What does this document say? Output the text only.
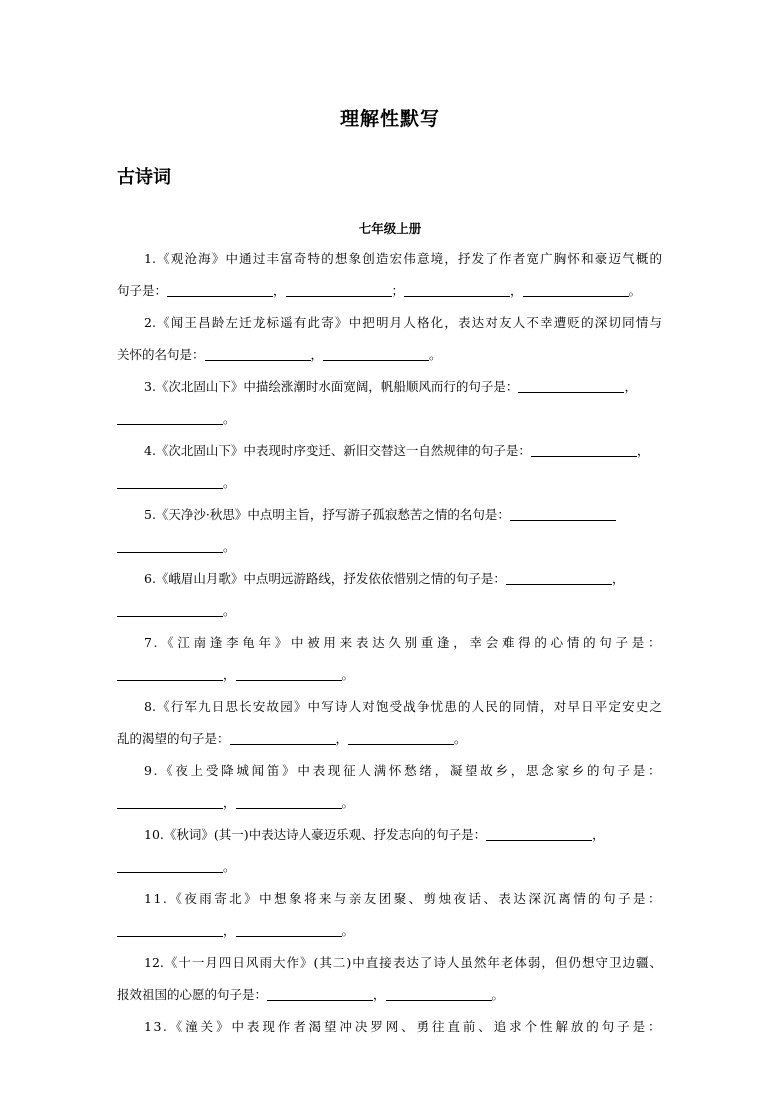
理解性默写
古诗词
七年级上册
1.《观沧海》中通过丰富奇特的想象创造宏伟意境，抒发了作者宽广胸怀和豪迈气概的
句子是：	，	；	，	。
2.《闻王昌龄左迁龙标遥有此寄》中把明月人格化，表达对友人不幸遭贬的深切同情与
关怀的名句是：	，	。
3.《次北固山下》中描绘涨潮时水面宽阔，帆船顺风而行的句子是：	，
。
4.《次北固山下》中表现时序变迁、新旧交替这一自然规律的句子是：	，
。
5.《天净沙·秋思》中点明主旨，抒写游子孤寂愁苦之情的名句是：
。
6.《峨眉山月歌》中点明远游路线，抒发依依惜别之情的句子是：	，
。
7.《江南逢李龟年》中被用来表达久别重逢，幸会难得的心情的句子是：
，	。
8.《行军九日思长安故园》中写诗人对饱受战争忧患的人民的同情，对早日平定安史之
乱的渴望的句子是：	，	。
9.《夜上受降城闻笛》中表现征人满怀愁绪，凝望故乡，思念家乡的句子是：
，	。
10.《秋词》(其一)中表达诗人豪迈乐观、抒发志向的句子是：	，
。
11.《夜雨寄北》中想象将来与亲友团聚、剪烛夜话、表达深沉离情的句子是：
，	。
12.《十一月四日风雨大作》(其二)中直接表达了诗人虽然年老体弱，但仍想守卫边疆、
报效祖国的心愿的句子是：	，	。
13.《潼关》中表现作者渴望冲决罗网、勇往直前、追求个性解放的句子是：
